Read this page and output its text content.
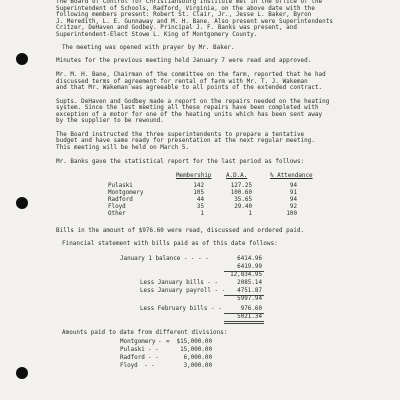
The Board of Control for Christiansburg Institute met in the office of the
Superintendent of Schools, Radford, Virginia, on the above date with the
following members present: Robert St. Clair, Jr., Jesse L. Baker, Byron
J. Meredith, L. E. Gunnaway and M. H. Bane. Also present were Superintendents
Critzer, DeHaven and Godbey. Principal J. F. Banks was present, and
Superintendent-Elect Stowe L. King of Montgomery County.
The meeting was opened with prayer by Mr. Baker.
Minutes for the previous meeting held January 7 were read and approved.
Mr. M. H. Bane, Chairman of the committee on the farm, reported that he had
discussed terms of agreement for rental of farm with Mr. T. J. Wakeman
and that Mr. Wakeman was agreeable to all points of the extended contract.
Supts. DeHaven and Godbey made a report on the repairs needed on the heating
system. Since the last meeting all these repairs have been completed with
exception of a motor for one of the heating units which has been sent away
by the supplier to be rewound.
The Board instructed the three superintendents to prepare a tentative
budget and have same ready for presentation at the next regular meeting.
This meeting will be held on March 5.
Mr. Banks gave the statistical report for the last period as follows:
Membership A.D.A.	% Attendance
Pulaski	142	127.25	94
Montgomery	105	100.60	91
Radford	44	35.65	94
Floyd	35	29.40	92
Other	1	1	100
Bills in the amount of $976.60 were read, discussed and ordered paid.
Financial statement with bills paid as of this date follows:
January 1 balance - - - -	6414.96
6419.99
12,834.95
Less January bills - -	2085.14
Less January payroll - -	4751.87
5997.94
Less February bills - -	976.60
5021.34
Amounts paid to date from different divisions:
Montgomery - =	$15,000.00
Pulaski - -	15,000.00
Radford - -	6,000.00
Floyd - -	3,000.00
